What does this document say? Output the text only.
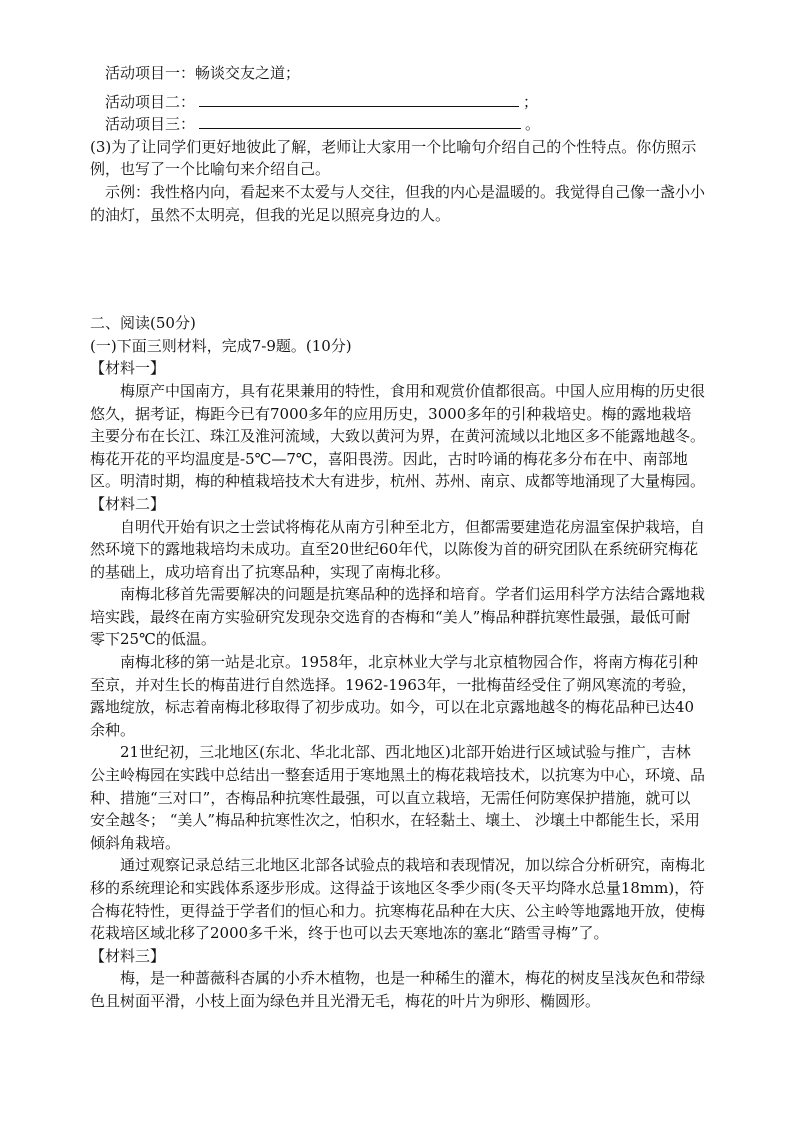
活动项目一：畅谈交友之道；

活动项目二：	；

活动项目三：	。

(3)为了让同学们更好地彼此了解，老师让大家用一个比喻句介绍自己的个性特点。你仿照示例，也写了一个比喻句来介绍自己。

示例：我性格内向，看起来不太爱与人交往，但我的内心是温暖的。我觉得自己像一盏小小的油灯，虽然不太明亮，但我的光足以照亮身边的人。

二、阅读(50分)

(一)下面三则材料，完成7-9题。(10分)

【材料一】

梅原产中国南方，具有花果兼用的特性，食用和观赏价值都很高。中国人应用梅的历史很悠久，据考证，梅距今已有7000多年的应用历史，3000多年的引种栽培史。梅的露地栽培主要分布在长江、珠江及淮河流域，大致以黄河为界，在黄河流域以北地区多不能露地越冬。梅花开花的平均温度是-5℃—7℃，喜阳畏涝。因此，古时吟诵的梅花多分布在中、南部地区。明清时期，梅的种植栽培技术大有进步，杭州、苏州、南京、成都等地涌现了大量梅园。

【材料二】

自明代开始有识之士尝试将梅花从南方引种至北方，但都需要建造花房温室保护栽培，自然环境下的露地栽培均未成功。直至20世纪60年代，以陈俊为首的研究团队在系统研究梅花的基础上，成功培育出了抗寒品种，实现了南梅北移。

南梅北移首先需要解决的问题是抗寒品种的选择和培育。学者们运用科学方法结合露地栽培实践，最终在南方实验研究发现杂交选育的杏梅和“美人”梅品种群抗寒性最强，最低可耐零下25℃的低温。

南梅北移的第一站是北京。1958年，北京林业大学与北京植物园合作，将南方梅花引种至京，并对生长的梅苗进行自然选择。1962-1963年，一批梅苗经受住了朔风寒流的考验，露地绽放，标志着南梅北移取得了初步成功。如今，可以在北京露地越冬的梅花品种已达40余种。

21世纪初，三北地区(东北、华北北部、西北地区)北部开始进行区域试验与推广，吉林公主岭梅园在实践中总结出一整套适用于寒地黑土的梅花栽培技术，以抗寒为中心，环境、品种、措施“三对口”，杏梅品种抗寒性最强，可以直立栽培，无需任何防寒保护措施，就可以安全越冬； “美人”梅品种抗寒性次之，怕积水，在轻黏土、壤土、 沙壤土中都能生长，采用倾斜角栽培。

通过观察记录总结三北地区北部各试验点的栽培和表现情况，加以综合分析研究，南梅北移的系统理论和实践体系逐步形成。这得益于该地区冬季少雨(冬天平均降水总量18mm)，符合梅花特性，更得益于学者们的恒心和力。抗寒梅花品种在大庆、公主岭等地露地开放，使梅花栽培区域北移了2000多千米，终于也可以去天寒地冻的塞北“踏雪寻梅”了。

【材料三】

梅，是一种蔷薇科杏属的小乔木植物，也是一种稀生的灌木，梅花的树皮呈浅灰色和带绿色且树面平滑，小枝上面为绿色并且光滑无毛，梅花的叶片为卵形、椭圆形。
